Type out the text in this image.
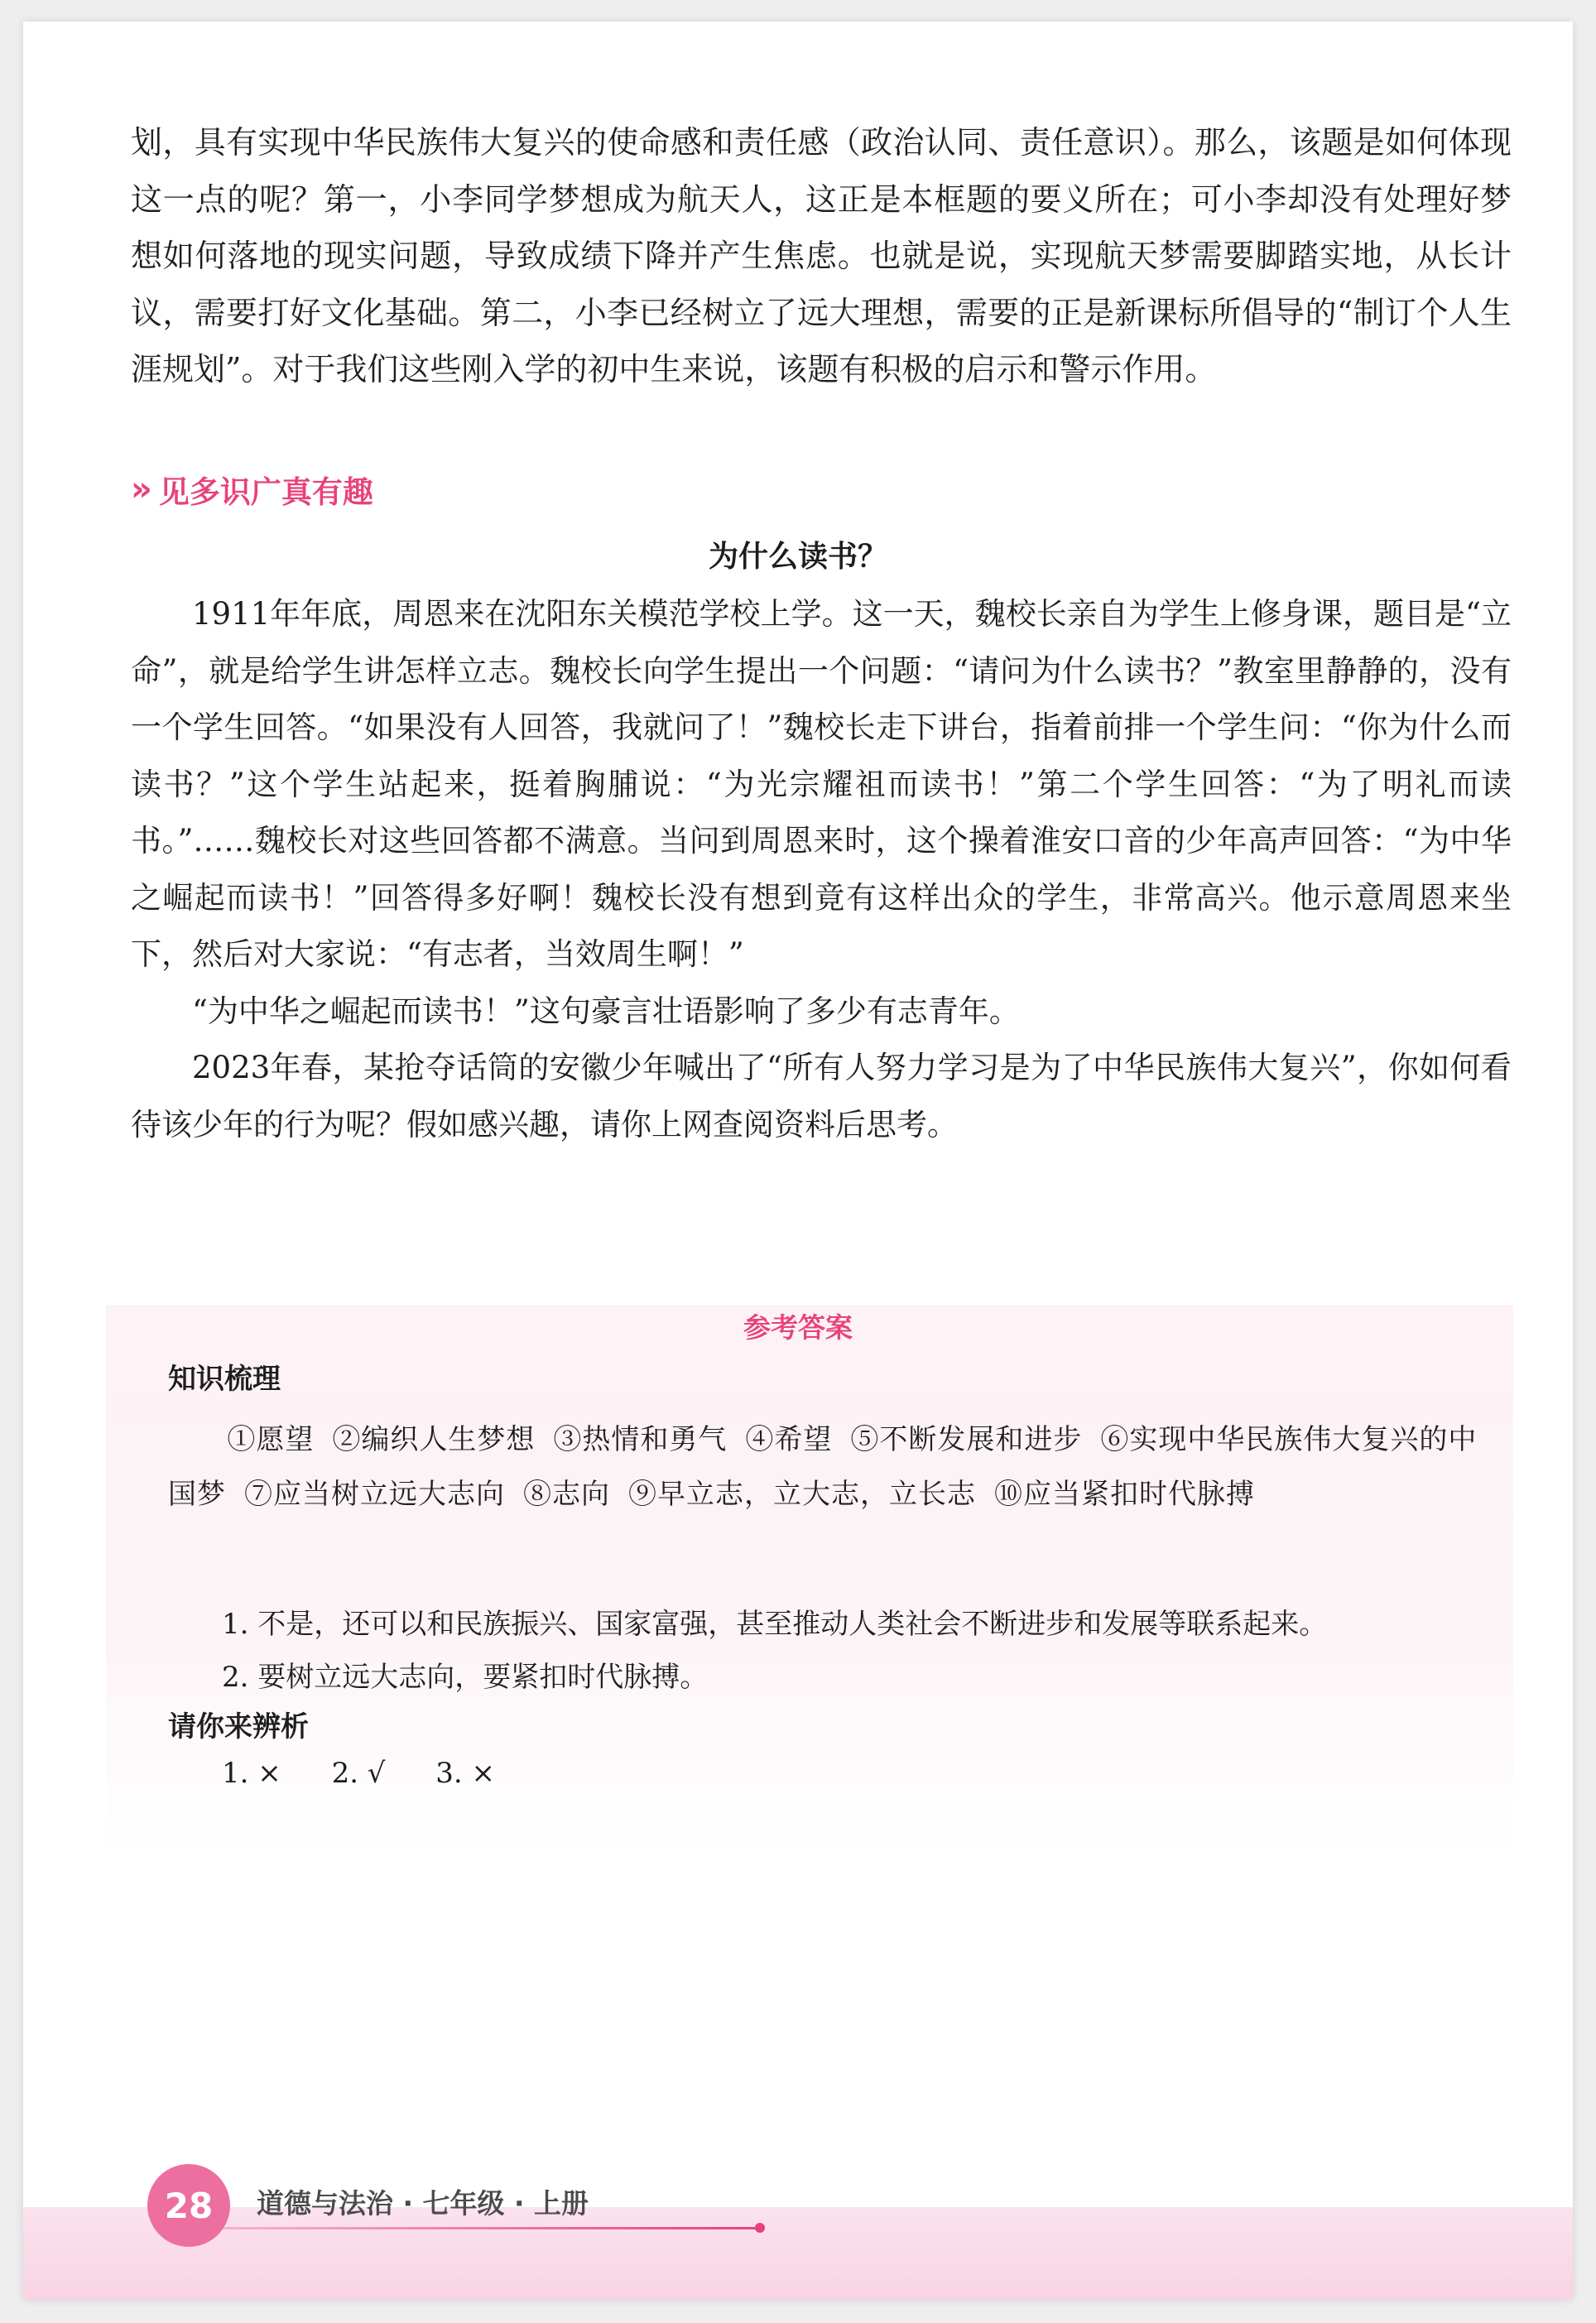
划，具有实现中华民族伟大复兴的使命感和责任感（政治认同、责任意识）。那么，该题是如何体现这一点的呢？第一，小李同学梦想成为航天人，这正是本框题的要义所在；可小李却没有处理好梦想如何落地的现实问题，导致成绩下降并产生焦虑。也就是说，实现航天梦需要脚踏实地，从长计议，需要打好文化基础。第二，小李已经树立了远大理想，需要的正是新课标所倡导的“制订个人生涯规划”。对于我们这些刚入学的初中生来说，该题有积极的启示和警示作用。

» 见多识广真有趣
为什么读书？

1911年年底，周恩来在沈阳东关模范学校上学。这一天，魏校长亲自为学生上修身课，题目是“立命”，就是给学生讲怎样立志。魏校长向学生提出一个问题：“请问为什么读书？”教室里静静的，没有一个学生回答。“如果没有人回答，我就问了！”魏校长走下讲台，指着前排一个学生问：“你为什么而读书？”这个学生站起来，挺着胸脯说：“为光宗耀祖而读书！”第二个学生回答：“为了明礼而读书。”……魏校长对这些回答都不满意。当问到周恩来时，这个操着淮安口音的少年高声回答：“为中华之崛起而读书！”回答得多好啊！魏校长没有想到竟有这样出众的学生，非常高兴。他示意周恩来坐下，然后对大家说：“有志者，当效周生啊！”

“为中华之崛起而读书！”这句豪言壮语影响了多少有志青年。

2023年春，某抢夺话筒的安徽少年喊出了“所有人努力学习是为了中华民族伟大复兴”，你如何看待该少年的行为呢？假如感兴趣，请你上网查阅资料后思考。

参考答案
知识梳理
①愿望 ②编织人生梦想 ③热情和勇气 ④希望 ⑤不断发展和进步 ⑥实现中华民族伟大复兴的中国梦 ⑦应当树立远大志向 ⑧志向 ⑨早立志，立大志，立长志 ⑩应当紧扣时代脉搏
1. 不是，还可以和民族振兴、国家富强，甚至推动人类社会不断进步和发展等联系起来。
2. 要树立远大志向，要紧扣时代脉搏。
请你来辨析
1. × 2. √ 3. ×
28	道德与法治 · 七年级 · 上册
